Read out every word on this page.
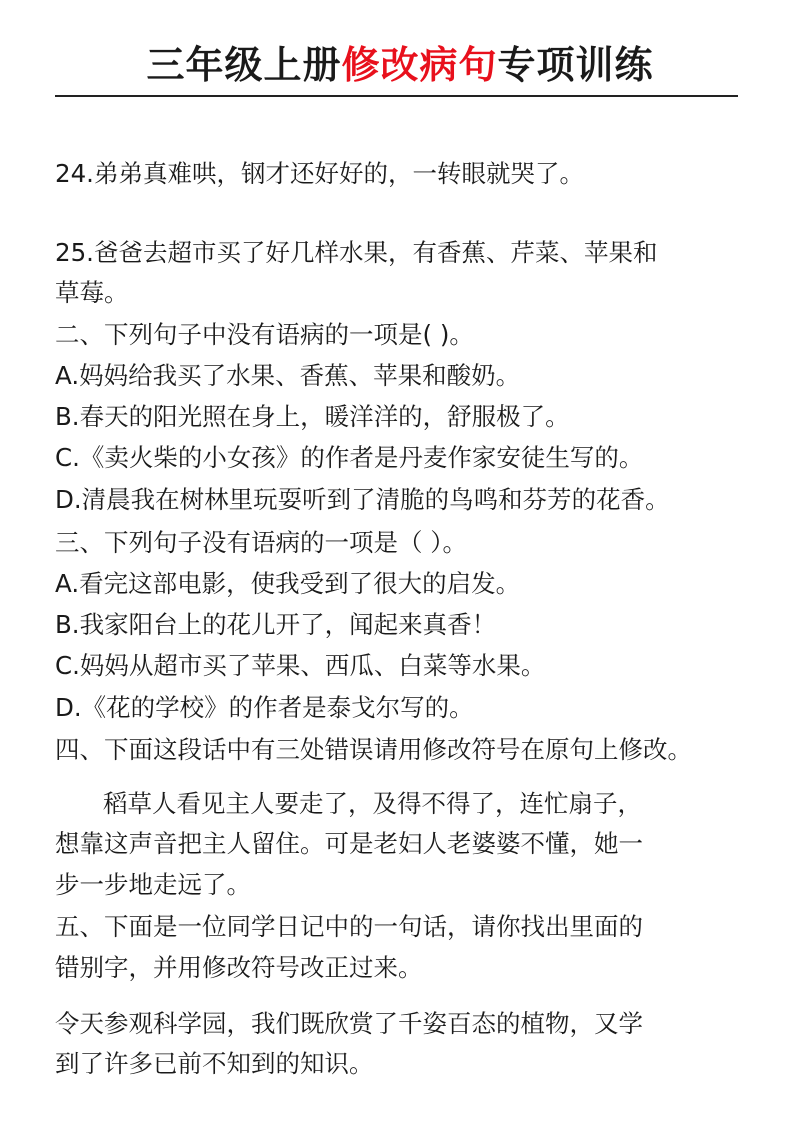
三年级上册修改病句专项训练
24.弟弟真难哄，钢才还好好的，一转眼就哭了。
25.爸爸去超市买了好几样水果，有香蕉、芹菜、苹果和
草莓。
二、下列句子中没有语病的一项是( )。
A.妈妈给我买了水果、香蕉、苹果和酸奶。
B.春天的阳光照在身上，暖洋洋的，舒服极了。
C.《卖火柴的小女孩》的作者是丹麦作家安徒生写的。
D.清晨我在树林里玩耍听到了清脆的鸟鸣和芬芳的花香。
三、下列句子没有语病的一项是（ ）。
A.看完这部电影，使我受到了很大的启发。
B.我家阳台上的花儿开了，闻起来真香！
C.妈妈从超市买了苹果、西瓜、白菜等水果。
D.《花的学校》的作者是泰戈尔写的。
四、下面这段话中有三处错误请用修改符号在原句上修改。
稻草人看见主人要走了，及得不得了，连忙扇子，
想靠这声音把主人留住。可是老妇人老婆婆不懂，她一
步一步地走远了。
五、下面是一位同学日记中的一句话，请你找出里面的
错别字，并用修改符号改正过来。
令天参观科学园，我们既欣赏了千姿百态的植物，又学
到了许多已前不知到的知识。
